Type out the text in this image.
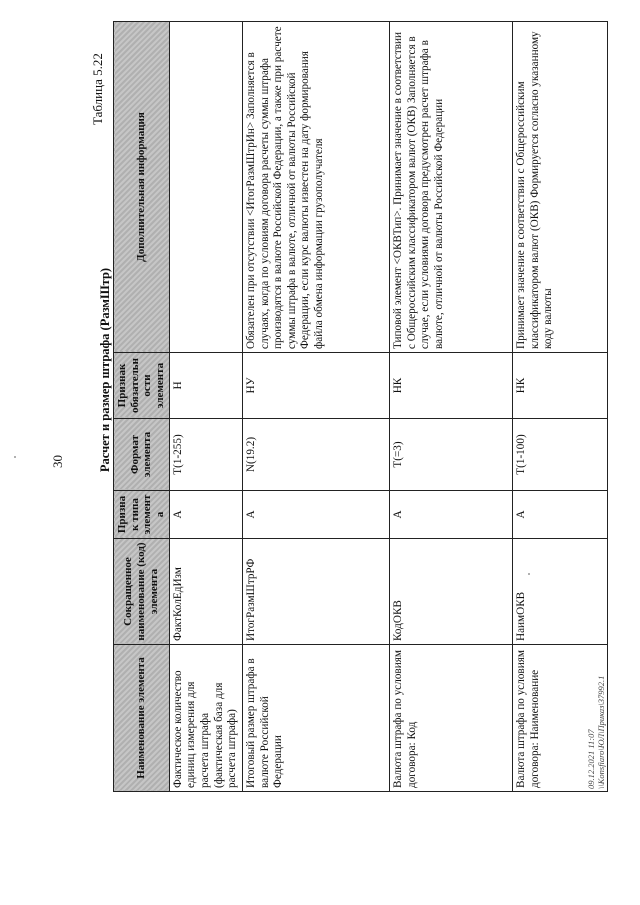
30
Таблица 5.22
Расчет и размер штрафа (РазмШтр)
Наименование элемента	Сокращенное наименование (код) элемента	Признак типа элемента	Формат элемента	Признак обязательности элемента	Дополнительная информация
Фактическое количество единиц измерения для расчета штрафа (фактическая база для расчета штрафа)	ФактКолЕдИзм	А	T(1-255)	Н	
Итоговый размер штрафа в валюте Российской Федерации	ИтогРазмШтрРФ	А	N(19.2)	НУ	Обязателен при отсутствии <ИтогРазмШтрИн> Заполняется в случаях, когда по условиям договора расчеты суммы штрафа производятся в валюте Российской Федерации, а также при расчете суммы штрафа в валюте, отличной от валюты Российской Федерации, если курс валюты известен на дату формирования файла обмена информации грузополучателя
Валюта штрафа по условиям договора: Код	КодОКВ	А	T(=3)	НК	Типовой элемент <ОКВТип>. Принимает значение в соответствии с Общероссийским классификатором валют (ОКВ) Заполняется в случае, если условиями договора предусмотрен расчет штрафа в валюте, отличной от валюты Российской Федерации
Валюта штрафа по условиям договора: Наименование	НаимОКВ	А	T(1-100)	НК	Принимает значение в соответствии с Общероссийским классификатором валют (ОКВ) Формируется согласно указанному коду валюты
09.12.2021 11:07 \\Konsfiaro\ЮЛ\Приказ\37992.1
